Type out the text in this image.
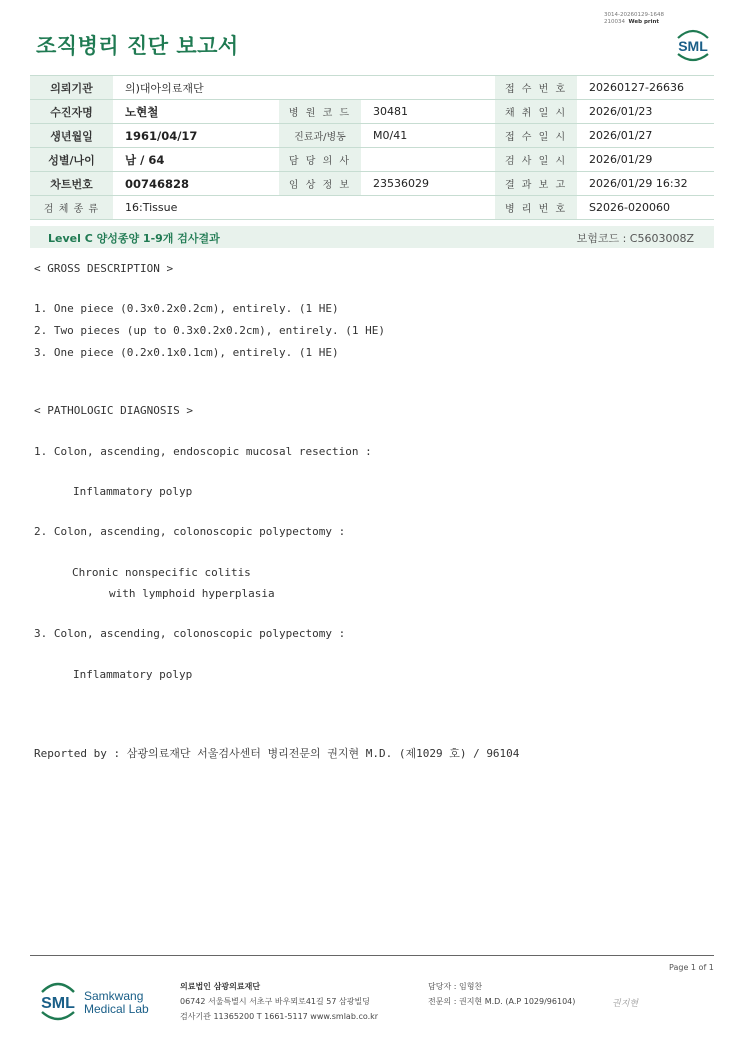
조직병리 진단 보고서
3014-20260129-1648
210034 Web print
SML
의뢰기관	의)대아의료재단			접 수 번 호	20260127-26636
수진자명	노현철	병 원 코 드	30481	채 취 일 시	2026/01/23
생년월일	1961/04/17	진료과/병동	M0/41	접 수 일 시	2026/01/27
성별/나이	남 / 64	담 당 의 사		검 사 일 시	2026/01/29
차트번호	00746828	임 상 정 보	23536029	결 과 보 고	2026/01/29 16:32
검 체 종 류	16:Tissue			병 리 번 호	S2026-020060
Level C 양성종양 1-9개 검사결과	보험코드 : C5603008Z
< GROSS DESCRIPTION >
1. One piece (0.3x0.2x0.2cm), entirely. (1 HE)
2. Two pieces (up to 0.3x0.2x0.2cm), entirely. (1 HE)
3. One piece (0.2x0.1x0.1cm), entirely. (1 HE)
< PATHOLOGIC DIAGNOSIS >
1. Colon, ascending, endoscopic mucosal resection :
Inflammatory polyp
2. Colon, ascending, colonoscopic polypectomy :
Chronic nonspecific colitis
with lymphoid hyperplasia
3. Colon, ascending, colonoscopic polypectomy :
Inflammatory polyp
Reported by : 삼광의료재단 서울검사센터 병리전문의 권지현 M.D. (제1029 호) / 96104
Page 1 of 1
SML Samkwang
Medical Lab
의료법인 삼광의료재단
06742 서울특별시 서초구 바우뫼로41길 57 삼광빌딩
검사기관 11365200 T 1661-5117 www.smlab.co.kr
담당자 : 임형찬
전문의 : 권지현 M.D. (A.P 1029/96104)	권지현
